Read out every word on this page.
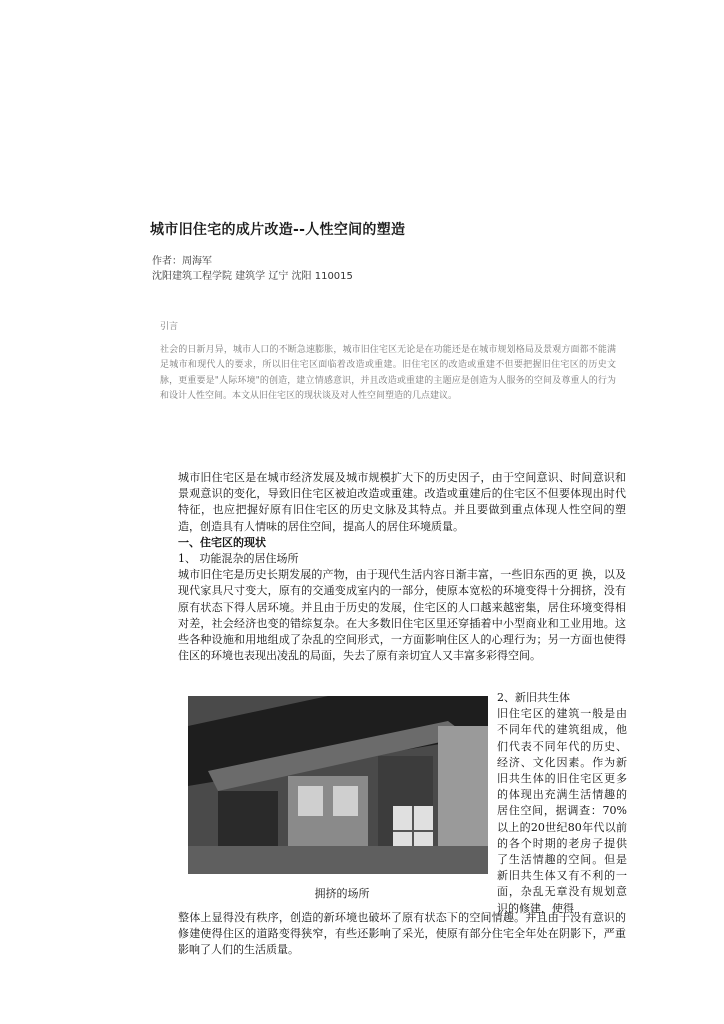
城市旧住宅的成片改造--人性空间的塑造
作者：周海军
沈阳建筑工程学院 建筑学 辽宁 沈阳 110015
引言
社会的日新月异，城市人口的不断急速膨胀，城市旧住宅区无论是在功能还是在城市规划格局及景观方面都不能满足城市和现代人的要求，所以旧住宅区面临着改造或重建。旧住宅区的改造或重建不但要把握旧住宅区的历史文脉，更重要是"人际环境"的创造，建立情感意识，并且改造或重建的主题应是创造为人服务的空间及尊重人的行为和设计人性空间。本文从旧住宅区的现状谈及对人性空间塑造的几点建议。

城市旧住宅区是在城市经济发展及城市规模扩大下的历史因子，由于空间意识、时间意识和景观意识的变化，导致旧住宅区被迫改造或重建。改造或重建后的住宅区不但要体现出时代特征，也应把握好原有旧住宅区的历史文脉及其特点。并且要做到重点体现人性空间的塑造，创造具有人情味的居住空间，提高人的居住环境质量。

一、住宅区的现状

1、 功能混杂的居住场所

城市旧住宅是历史长期发展的产物，由于现代生活内容日渐丰富，一些旧东西的更 换，以及现代家具尺寸变大，原有的交通变成室内的一部分，使原本宽松的环境变得十分拥挤，没有原有状态下得人居环境。并且由于历史的发展，住宅区的人口越来越密集，居住环境变得相对差，社会经济也变的错综复杂。在大多数旧住宅区里还穿插着中小型商业和工业用地。这些各种设施和用地组成了杂乱的空间形式，一方面影响住区人的心理行为；另一方面也使得住区的环境也表现出凌乱的局面，失去了原有亲切宜人又丰富多彩得空间。

拥挤的场所
2、新旧共生体
旧住宅区的建筑一般是由不同年代的建筑组成，他们代表不同年代的历史、经济、文化因素。作为新旧共生体的旧住宅区更多的体现出充满生活情趣的居住空间，据调查：70%以上的20世纪80年代以前的各个时期的老房子提供了生活情趣的空间。但是新旧共生体又有不利的一面，杂乱无章没有规划意识的修建，使得
整体上显得没有秩序，创造的新环境也破坏了原有状态下的空间情趣。并且由于没有意识的修建使得住区的道路变得狭窄，有些还影响了采光，使原有部分住宅全年处在阴影下，严重影响了人们的生活质量。
